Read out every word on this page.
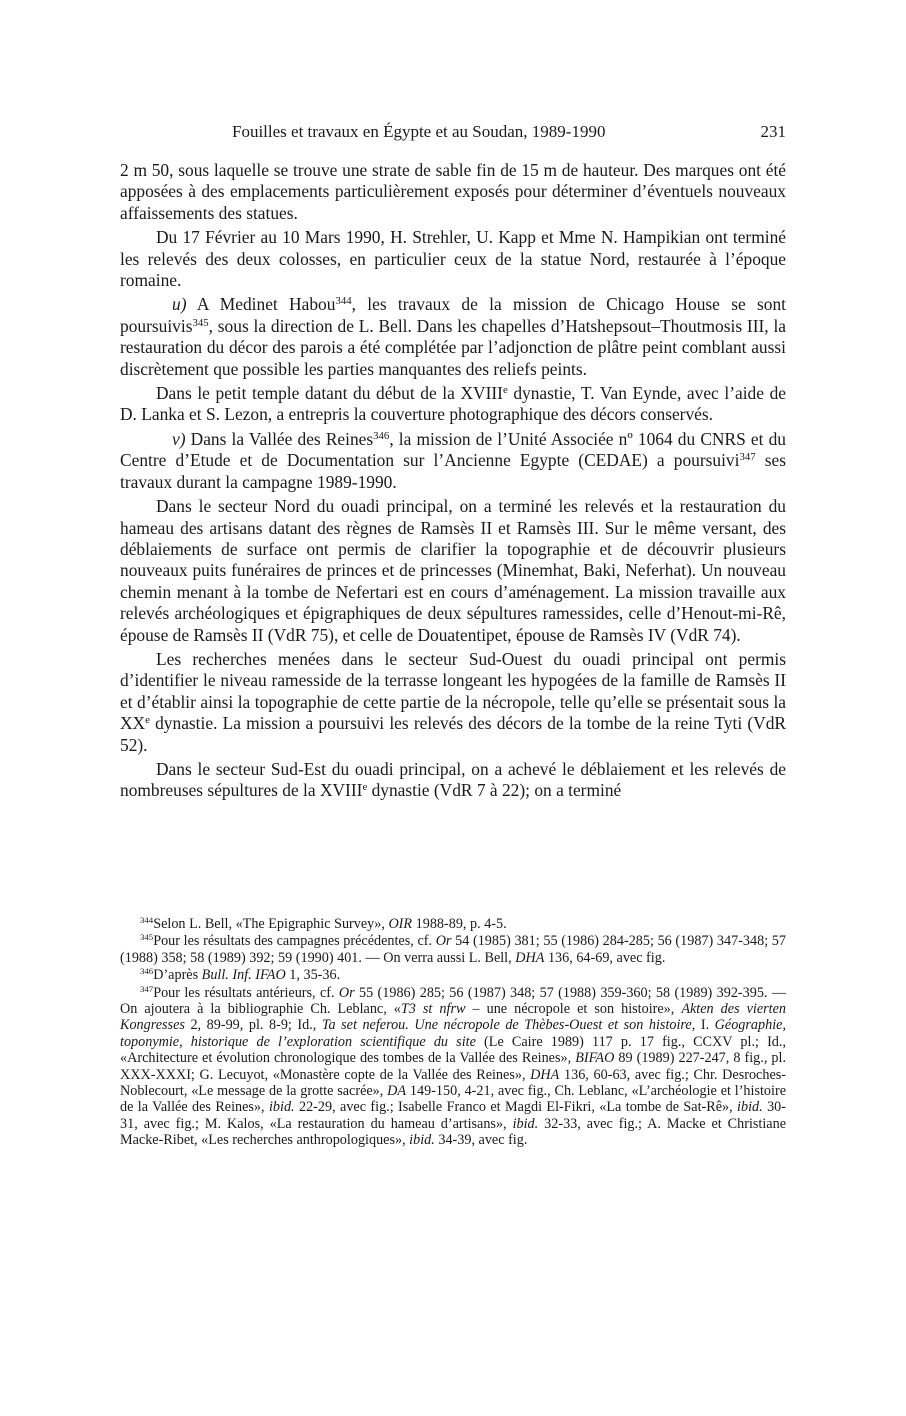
Fouilles et travaux en Égypte et au Soudan, 1989-1990	231

2 m 50, sous laquelle se trouve une strate de sable fin de 15 m de hauteur. Des marques ont été apposées à des emplacements particulièrement exposés pour déterminer d’éventuels nouveaux affaissements des statues.

Du 17 Février au 10 Mars 1990, H. Strehler, U. Kapp et Mme N. Hampikian ont terminé les relevés des deux colosses, en particulier ceux de la statue Nord, restaurée à l’époque romaine.

u) A Medinet Habou$^{344}$, les travaux de la mission de Chicago House se sont poursuivis$^{345}$, sous la direction de L. Bell. Dans les chapelles d’Hatshepsout–Thoutmosis III, la restauration du décor des parois a été complétée par l’adjonction de plâtre peint comblant aussi discrètement que possible les parties manquantes des reliefs peints.

Dans le petit temple datant du début de la XVIIIe dynastie, T. Van Eynde, avec l’aide de D. Lanka et S. Lezon, a entrepris la couverture photographique des décors conservés.

v) Dans la Vallée des Reines$^{346}$, la mission de l’Unité Associée nº 1064 du CNRS et du Centre d’Etude et de Documentation sur l’Ancienne Egypte (CEDAE) a poursuivi$^{347}$ ses travaux durant la campagne 1989-1990.

Dans le secteur Nord du ouadi principal, on a terminé les relevés et la restauration du hameau des artisans datant des règnes de Ramsès II et Ramsès III. Sur le même versant, des déblaiements de surface ont permis de clarifier la topographie et de découvrir plusieurs nouveaux puits funéraires de princes et de princesses (Minemhat, Baki, Neferhat). Un nouveau chemin menant à la tombe de Nefertari est en cours d’aménagement. La mission travaille aux relevés archéologiques et épigraphiques de deux sépultures ramessides, celle d’Henout-mi-Rê, épouse de Ramsès II (VdR 75), et celle de Douatentipet, épouse de Ramsès IV (VdR 74).

Les recherches menées dans le secteur Sud-Ouest du ouadi principal ont permis d’identifier le niveau ramesside de la terrasse longeant les hypogées de la famille de Ramsès II et d’établir ainsi la topographie de cette partie de la nécropole, telle qu’elle se présentait sous la XXe dynastie. La mission a poursuivi les relevés des décors de la tombe de la reine Tyti (VdR 52).

Dans le secteur Sud-Est du ouadi principal, on a achevé le déblaiement et les relevés de nombreuses sépultures de la XVIIIe dynastie (VdR 7 à 22); on a terminé

$^{344}$Selon L. Bell, «The Epigraphic Survey», OIR 1988-89, p. 4-5.

$^{345}$Pour les résultats des campagnes précédentes, cf. Or 54 (1985) 381; 55 (1986) 284-285; 56 (1987) 347-348; 57 (1988) 358; 58 (1989) 392; 59 (1990) 401. — On verra aussi L. Bell, DHA 136, 64-69, avec fig.

$^{346}$D’après Bull. Inf. IFAO 1, 35-36.

$^{347}$Pour les résultats antérieurs, cf. Or 55 (1986) 285; 56 (1987) 348; 57 (1988) 359-360; 58 (1989) 392-395. — On ajoutera à la bibliographie Ch. Leblanc, «T3 st nfrw – une nécropole et son histoire», Akten des vierten Kongresses 2, 89-99, pl. 8-9; Id., Ta set neferou. Une nécropole de Thèbes-Ouest et son histoire, I. Géographie, toponymie, historique de l’exploration scientifique du site (Le Caire 1989) 117 p. 17 fig., CCXV pl.; Id., «Architecture et évolution chronologique des tombes de la Vallée des Reines», BIFAO 89 (1989) 227-247, 8 fig., pl. XXX-XXXI; G. Lecuyot, «Monastère copte de la Vallée des Reines», DHA 136, 60-63, avec fig.; Chr. Desroches-Noblecourt, «Le message de la grotte sacrée», DA 149-150, 4-21, avec fig., Ch. Leblanc, «L’archéologie et l’histoire de la Vallée des Reines», ibid. 22-29, avec fig.; Isabelle Franco et Magdi El-Fikri, «La tombe de Sat-Rê», ibid. 30-31, avec fig.; M. Kalos, «La restauration du hameau d’artisans», ibid. 32-33, avec fig.; A. Macke et Christiane Macke-Ribet, «Les recherches anthropologiques», ibid. 34-39, avec fig.
